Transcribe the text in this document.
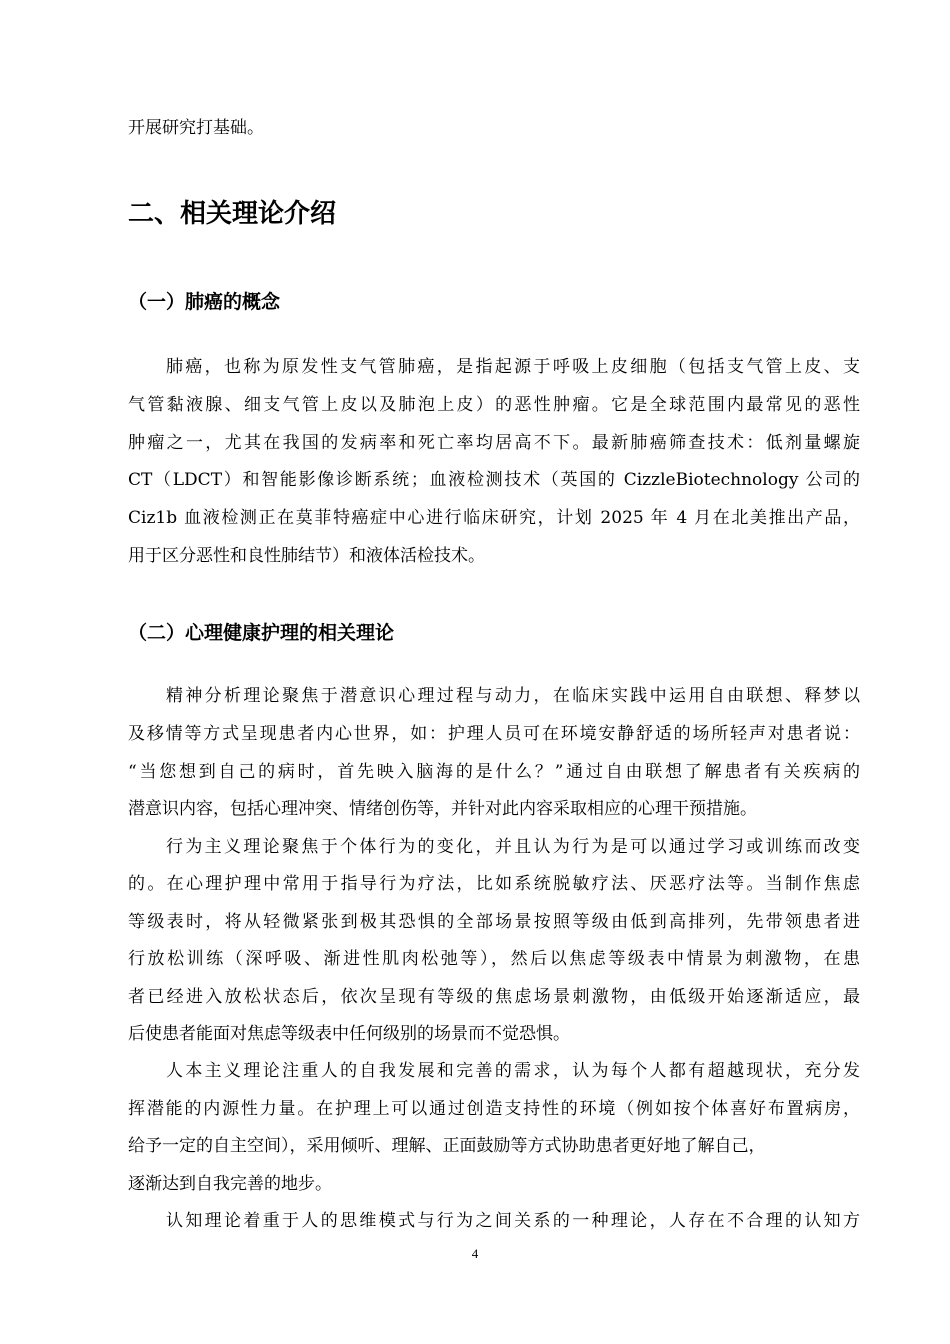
开展研究打基础。
二、相关理论介绍
（一）肺癌的概念
肺癌，也称为原发性支气管肺癌，是指起源于呼吸上皮细胞（包括支气管上皮、支
气管黏液腺、细支气管上皮以及肺泡上皮）的恶性肿瘤。它是全球范围内最常见的恶性
肿瘤之一，尤其在我国的发病率和死亡率均居高不下。最新肺癌筛查技术：低剂量螺旋
CT（LDCT）和智能影像诊断系统；血液检测技术（英国的 CizzleBiotechnology 公司的
Ciz1b 血液检测正在莫菲特癌症中心进行临床研究，计划 2025 年 4 月在北美推出产品，
用于区分恶性和良性肺结节）和液体活检技术。
（二）心理健康护理的相关理论
精神分析理论聚焦于潜意识心理过程与动力，在临床实践中运用自由联想、释梦以
及移情等方式呈现患者内心世界，如：护理人员可在环境安静舒适的场所轻声对患者说：
“当您想到自己的病时，首先映入脑海的是什么？”通过自由联想了解患者有关疾病的
潜意识内容，包括心理冲突、情绪创伤等，并针对此内容采取相应的心理干预措施。
行为主义理论聚焦于个体行为的变化，并且认为行为是可以通过学习或训练而改变
的。在心理护理中常用于指导行为疗法，比如系统脱敏疗法、厌恶疗法等。当制作焦虑
等级表时，将从轻微紧张到极其恐惧的全部场景按照等级由低到高排列，先带领患者进
行放松训练（深呼吸、渐进性肌肉松弛等），然后以焦虑等级表中情景为刺激物，在患
者已经进入放松状态后，依次呈现有等级的焦虑场景刺激物，由低级开始逐渐适应，最
后使患者能面对焦虑等级表中任何级别的场景而不觉恐惧。
人本主义理论注重人的自我发展和完善的需求，认为每个人都有超越现状，充分发
挥潜能的内源性力量。在护理上可以通过创造支持性的环境（例如按个体喜好布置病房，
给予一定的自主空间），采用倾听、理解、正面鼓励等方式协助患者更好地了解自己，
逐渐达到自我完善的地步。
认知理论着重于人的思维模式与行为之间关系的一种理论，人存在不合理的认知方
4
